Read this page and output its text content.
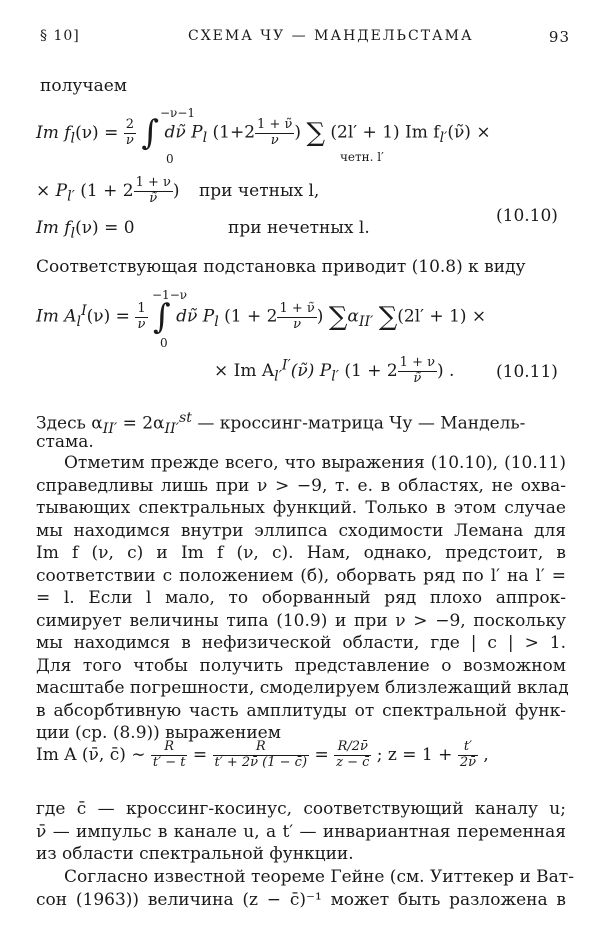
§ 10]	СХЕМА ЧУ — МАНДЕЛЬСТАМА	93
получаем
Im $f_l(\nu) = \frac{2}{\nu}$ ∫ dν̃ $P_l$ ($1+2 \frac{1 + \nũ}{\nu}$ ) ∑ (2l′ + 1) Im $f_{l'}(\nũ)$ ×
−ν−1
0	четн. l′
× $P_{l'}$ ($1 + 2 \frac{1 + \nu}{\nũ}$ ) при четных l,
Im $f_l(\nu) = 0$	при нечетных l.
(10.10)
Соответствующая подстановка приводит (10.8) к виду
Im $A_l^I(\nu) = \frac{1}{\nu}$ ∫ dν̃ $P_l$ ($1 + 2 \frac{1 + \nũ}{\nu}$ ) $\sum\alpha_{II'}$ ∑(2l′ + 1) ×
−1−ν
0
× Im $A_{l'}^{I'}(\nũ)$ $P_{l'}$ ($1 + 2 \frac{1 + \nu}{\nũ}$ ) . (10.11)
Здесь $\alpha_{II'} = 2\alpha_{II'}^{st}$ — кроссинг-матрица Чу — Мандель-
стама.
Отметим прежде всего, что выражения (10.10), (10.11)
справедливы лишь при ν > −9, т. е. в областях, не охва-
тывающих спектральных функций. Только в этом случае
мы находимся внутри эллипса сходимости Лемана для
Im f (ν, c) и Im f (ν, c). Нам, однако, предстоит, в
соответствии с положением (б), оборвать ряд по l′ на l′ =
= l. Если l мало, то оборванный ряд плохо аппрок-
симирует величины типа (10.9) и при ν > −9, поскольку
мы находимся в нефизической области, где | c | > 1.
Для того чтобы получить представление о возможном
масштабе погрешности, смоделируем близлежащий вклад
в абсорбтивную часть амплитуды от спектральной функ-
ции (ср. (8.9)) выражением
Im A (ν̄, c̄) ∼ $\frac{R}{t' - t} = \frac{R}{t' + 2\nū (1 - c̄)} = \frac{R/2\nū}{z - c̄}$ ; $z = 1 + \frac{t'}{2\nū}$ ,
где c̄ — кроссинг-косинус, соответствующий каналу u;
ν̄ — импульс в канале u, а t′ — инвариантная переменная
из области спектральной функции.
Согласно известной теореме Гейне (см. Уиттекер и Ват-
сон (1963)) величина (z − c̄)⁻¹ может быть разложена в
